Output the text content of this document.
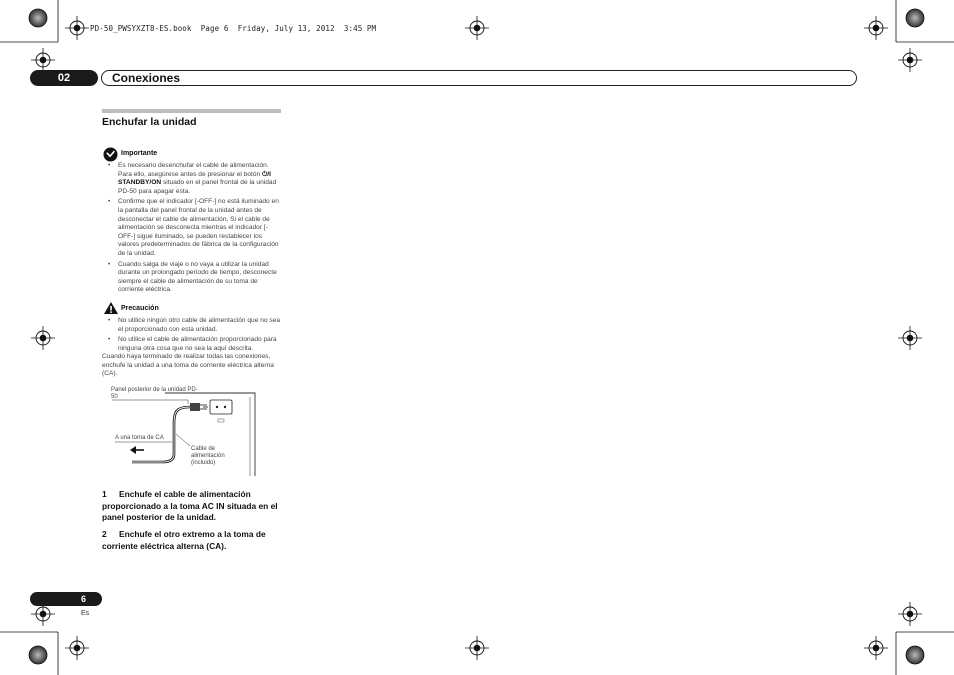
PD-50_PWSYXZT8-ES.book  Page 6  Friday, July 13, 2012  3:45 PM
02	Conexiones
Enchufar la unidad
Importante
• Es necesario desenchufar el cable de alimentación. Para ello, asegúrese antes de presionar el botón ⏻/I STANDBY/ON situado en el panel frontal de la unidad PD-50 para apagar esta.
• Confirme que el indicador [-OFF-] no está iluminado en la pantalla del panel frontal de la unidad antes de desconectar el cable de alimentación. Si el cable de alimentación se desconecta mientras el indicador [-OFF-] sigue iluminado, se pueden restablecer los valores predeterminados de fábrica de la configuración de la unidad.
• Cuando salga de viaje o no vaya a utilizar la unidad durante un prolongado período de tiempo, desconecte siempre el cable de alimentación de su toma de corriente eléctrica.
Precaución
• No utilice ningún otro cable de alimentación que no sea el proporcionado con esta unidad.
• No utilice el cable de alimentación proporcionado para ninguna otra cosa que no sea la aquí descrita.
Cuando haya terminado de realizar todas las conexiones, enchufe la unidad a una toma de corriente eléctrica alterna (CA).
Panel posterior de la unidad PD-50
A una toma de CA
Cable de alimentación (incluido)
1 Enchufe el cable de alimentación proporcionado a la toma AC IN situada en el panel posterior de la unidad.
2 Enchufe el otro extremo a la toma de corriente eléctrica alterna (CA).
6
Es
